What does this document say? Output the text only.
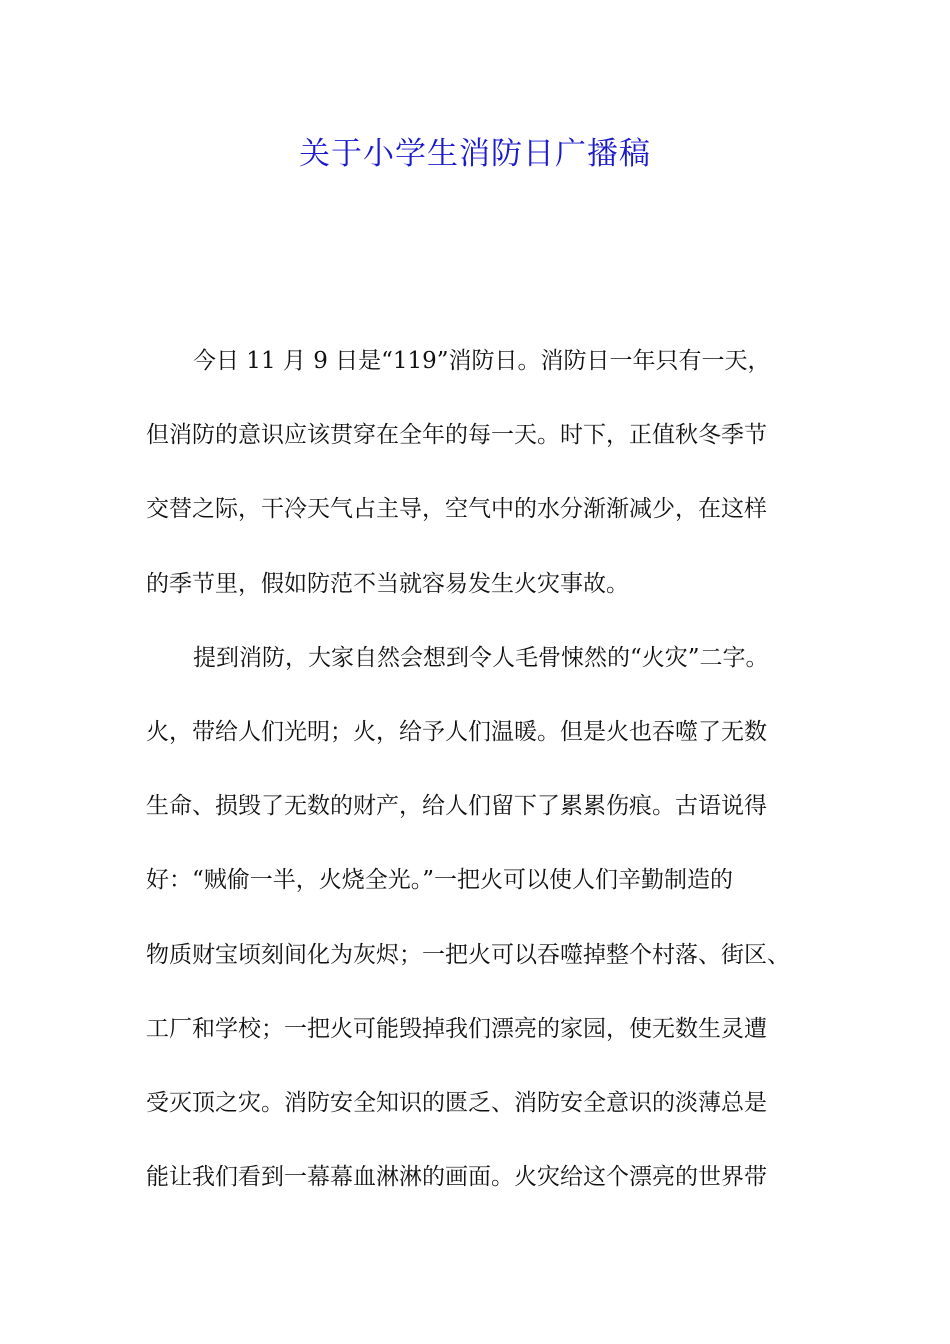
关于小学生消防日广播稿
今日 11 月 9 日是“119”消防日。消防日一年只有一天，
但消防的意识应该贯穿在全年的每一天。时下，正值秋冬季节
交替之际，干冷天气占主导，空气中的水分渐渐减少，在这样
的季节里，假如防范不当就容易发生火灾事故。
提到消防，大家自然会想到令人毛骨悚然的“火灾”二字。
火，带给人们光明；火，给予人们温暖。但是火也吞噬了无数
生命、损毁了无数的财产，给人们留下了累累伤痕。古语说得
好：“贼偷一半，火烧全光。”一把火可以使人们辛勤制造的
物质财宝顷刻间化为灰烬；一把火可以吞噬掉整个村落、街区、
工厂和学校；一把火可能毁掉我们漂亮的家园，使无数生灵遭
受灭顶之灾。消防安全知识的匮乏、消防安全意识的淡薄总是
能让我们看到一幕幕血淋淋的画面。火灾给这个漂亮的世界带
